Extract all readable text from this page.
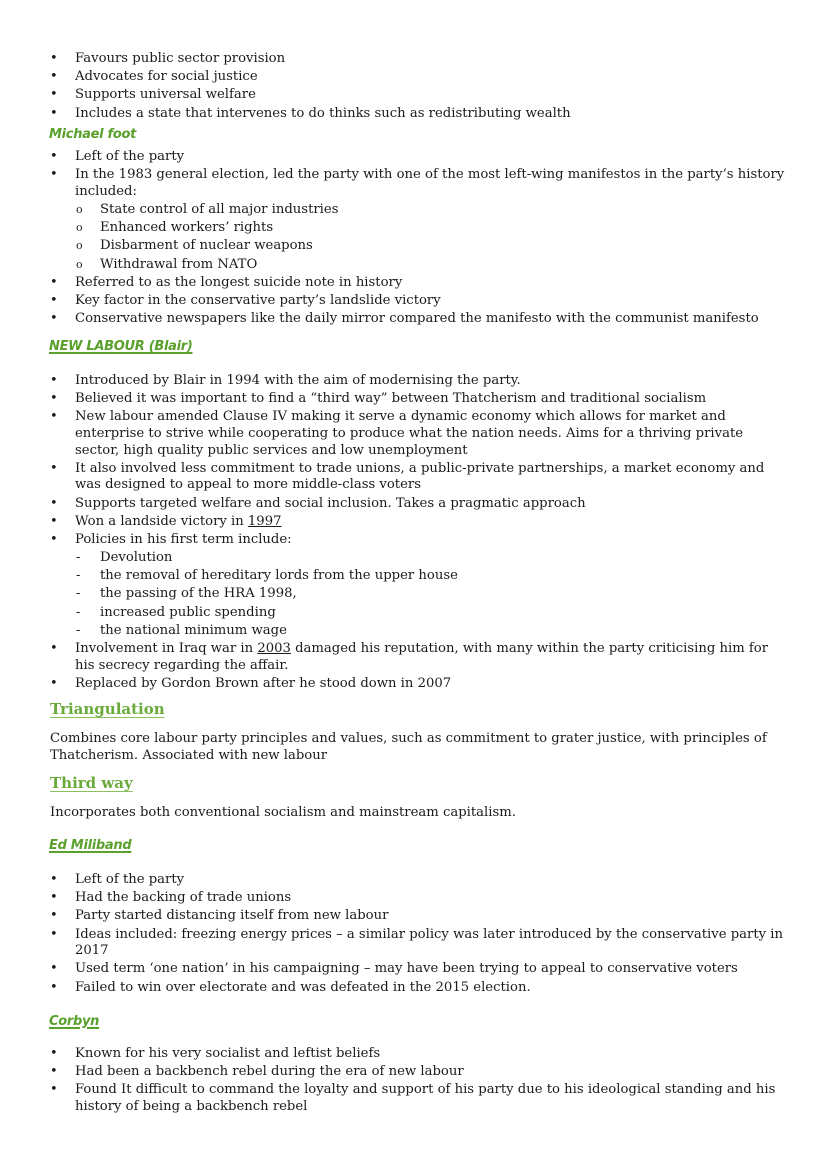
• Favours public sector provision
• Advocates for social justice
• Supports universal welfare
• Includes a state that intervenes to do thinks such as redistributing wealth
Michael foot
• Left of the party
• In the 1983 general election, led the party with one of the most left-wing manifestos in the party’s history included:
o State control of all major industries
o Enhanced workers’ rights
o Disbarment of nuclear weapons
o Withdrawal from NATO
• Referred to as the longest suicide note in history
• Key factor in the conservative party’s landslide victory
• Conservative newspapers like the daily mirror compared the manifesto with the communist manifesto
NEW LABOUR (Blair)
• Introduced by Blair in 1994 with the aim of modernising the party.
• Believed it was important to find a “third way” between Thatcherism and traditional socialism
• New labour amended Clause IV making it serve a dynamic economy which allows for market and enterprise to strive while cooperating to produce what the nation needs. Aims for a thriving private sector, high quality public services and low unemployment
• It also involved less commitment to trade unions, a public-private partnerships, a market economy and was designed to appeal to more middle-class voters
• Supports targeted welfare and social inclusion. Takes a pragmatic approach
• Won a landside victory in 1997
• Policies in his first term include:
- Devolution
- the removal of hereditary lords from the upper house
- the passing of the HRA 1998,
- increased public spending
- the national minimum wage
• Involvement in Iraq war in 2003 damaged his reputation, with many within the party criticising him for his secrecy regarding the affair.
• Replaced by Gordon Brown after he stood down in 2007
Triangulation

Combines core labour party principles and values, such as commitment to grater justice, with principles of Thatcherism. Associated with new labour

Third way

Incorporates both conventional socialism and mainstream capitalism.

Ed Miliband
• Left of the party
• Had the backing of trade unions
• Party started distancing itself from new labour
• Ideas included: freezing energy prices – a similar policy was later introduced by the conservative party in 2017
• Used term ‘one nation’ in his campaigning – may have been trying to appeal to conservative voters
• Failed to win over electorate and was defeated in the 2015 election.
Corbyn
• Known for his very socialist and leftist beliefs
• Had been a backbench rebel during the era of new labour
• Found It difficult to command the loyalty and support of his party due to his ideological standing and his history of being a backbench rebel
